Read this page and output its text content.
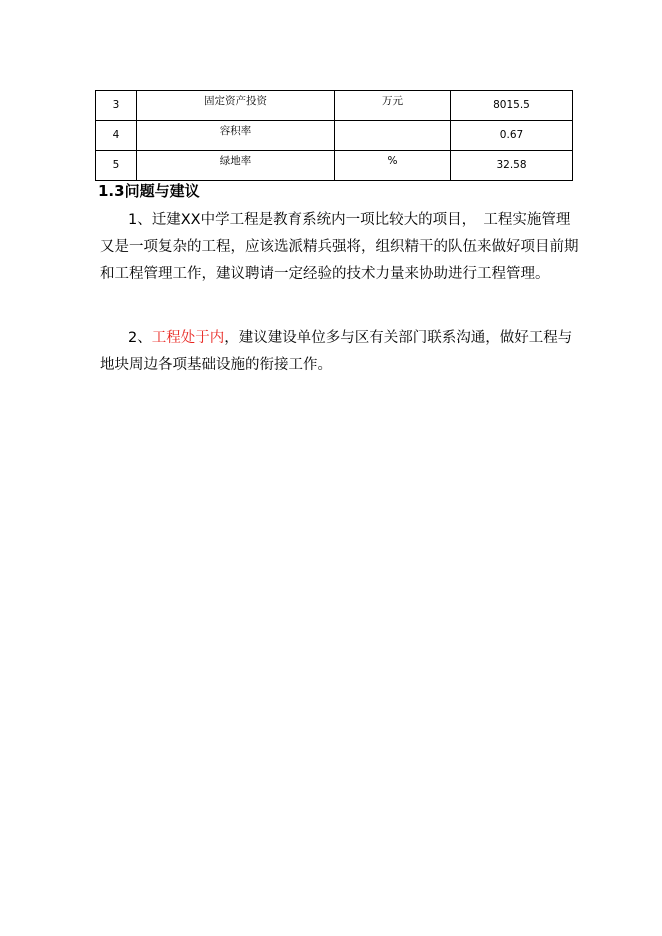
3	固定资产投资	万元	8015.5
4	容积率		0.67
5	绿地率	%	32.58
1.3问题与建议

1、迁建XX中学工程是教育系统内一项比较大的项目，　工程实施管理又是一项复杂的工程，应该选派精兵强将，组织精干的队伍来做好项目前期和工程管理工作，建议聘请一定经验的技术力量来协助进行工程管理。

2、工程处于内，建议建设单位多与区有关部门联系沟通，做好工程与地块周边各项基础设施的衔接工作。
